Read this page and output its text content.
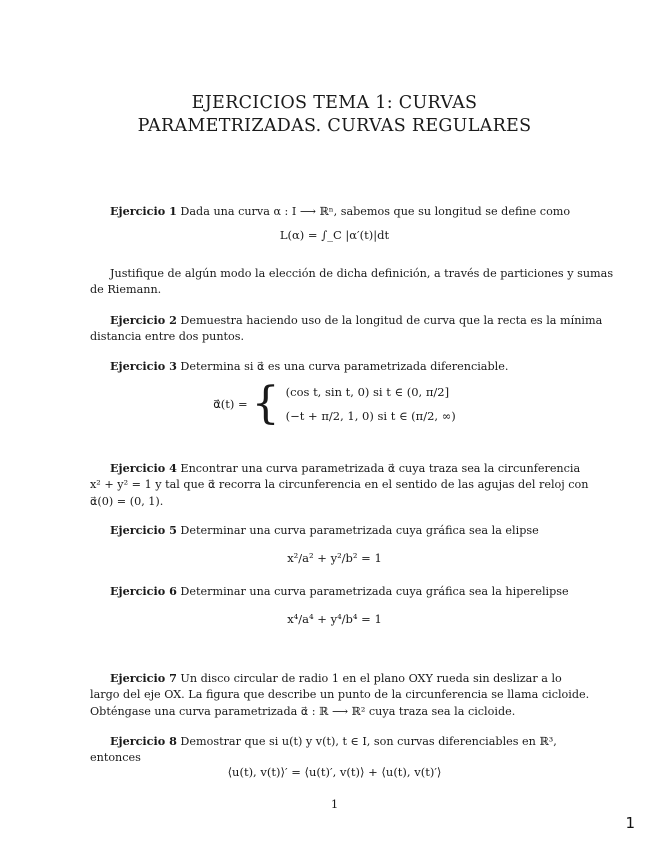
EJERCICIOS TEMA 1: CURVAS
PARAMETRIZADAS. CURVAS REGULARES
Ejercicio 1 Dada una curva α : I ⟶ ℝⁿ, sabemos que su longitud se define como
L(α) = ∫_C |α′(t)|dt
Justifique de algún modo la elección de dicha definición, a través de particiones y sumas
de Riemann.
Ejercicio 2 Demuestra haciendo uso de la longitud de curva que la recta es la mínima
distancia entre dos puntos.
Ejercicio 3 Determina si α⃗ es una curva parametrizada diferenciable.
α⃗(t) = { (cos t, sin t, 0) si t ∈ (0, π/2]
(−t + π/2, 1, 0) si t ∈ (π/2, ∞)
Ejercicio 4 Encontrar una curva parametrizada α⃗ cuya traza sea la circunferencia
x² + y² = 1 y tal que α⃗ recorra la circunferencia en el sentido de las agujas del reloj con
α⃗(0) = (0, 1).
Ejercicio 5 Determinar una curva parametrizada cuya gráfica sea la elipse
x²/a² + y²/b² = 1
Ejercicio 6 Determinar una curva parametrizada cuya gráfica sea la hiperelipse
x⁴/a⁴ + y⁴/b⁴ = 1
Ejercicio 7 Un disco circular de radio 1 en el plano OXY rueda sin deslizar a lo
largo del eje OX. La figura que describe un punto de la circunferencia se llama cicloide.
Obténgase una curva parametrizada α⃗ : ℝ ⟶ ℝ² cuya traza sea la cicloide.
Ejercicio 8 Demostrar que si u(t) y v(t), t ∈ I, son curvas diferenciables en ℝ³,
entonces
⟨u(t), v(t)⟩′ = ⟨u(t)′, v(t)⟩ + ⟨u(t), v(t)′⟩
1
1
